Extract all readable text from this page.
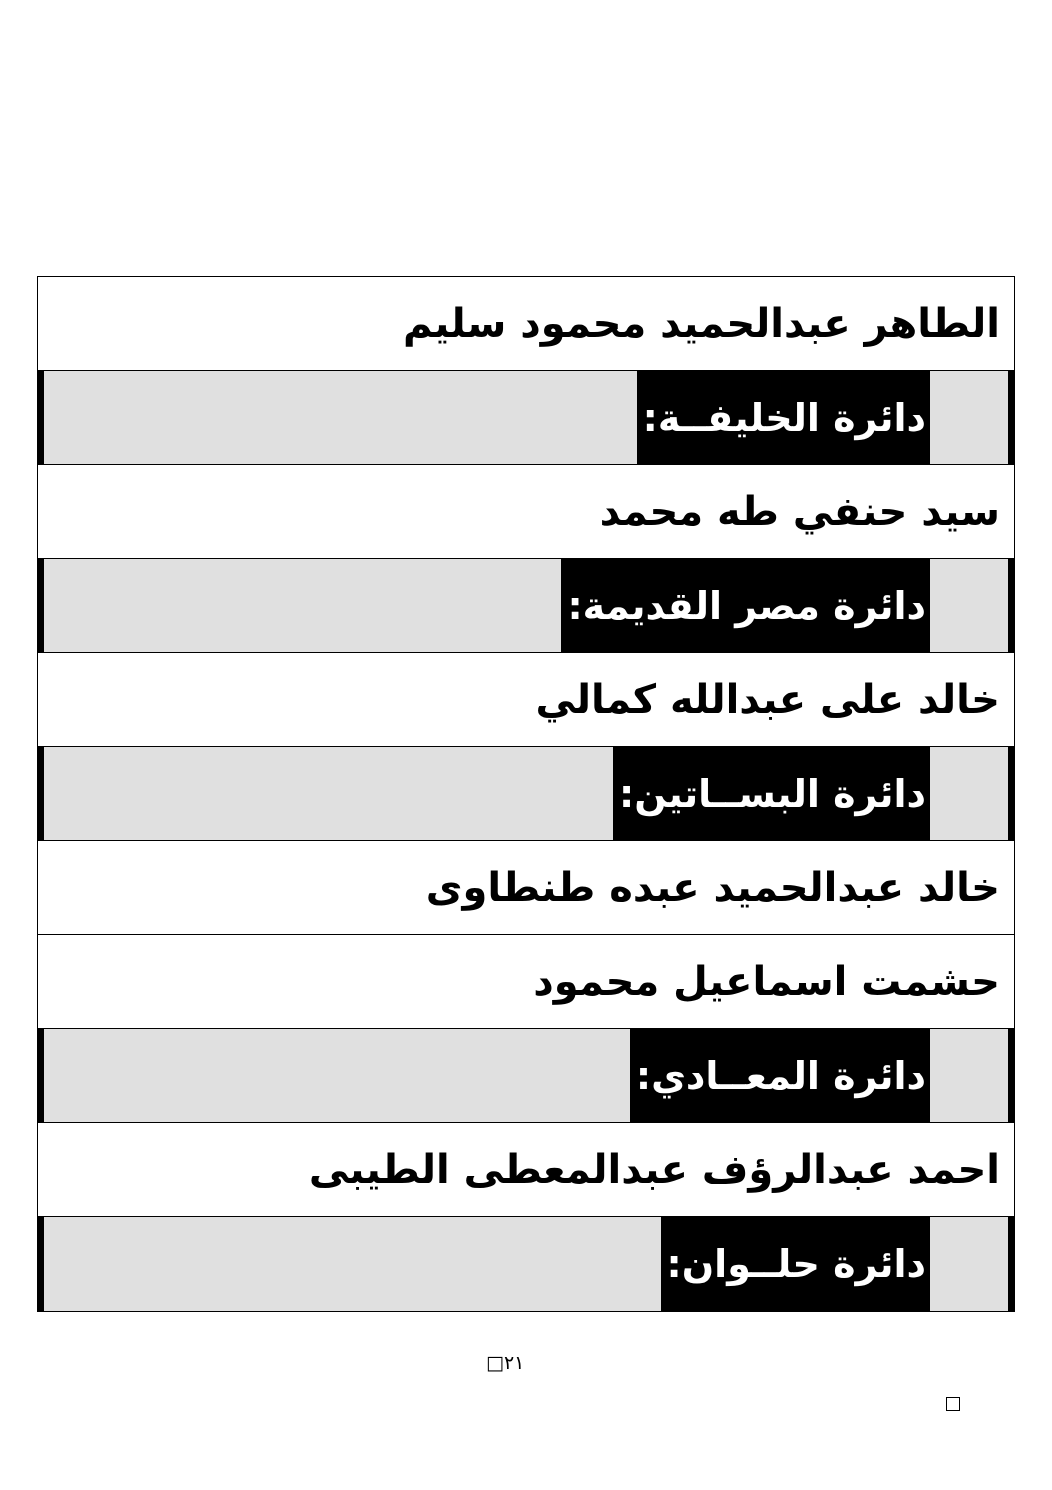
الطاهر عبدالحميد محمود سليم
دائرة الخليفــة:
سيد حنفي طه محمد
دائرة مصر القديمة:
خالد على عبدالله كمالي
دائرة البســاتين:
خالد عبدالحميد عبده طنطاوى
حشمت اسماعيل محمود
دائرة المعــادي:
احمد عبدالرؤف عبدالمعطى الطيبى
دائرة حلــوان:
□٢١
